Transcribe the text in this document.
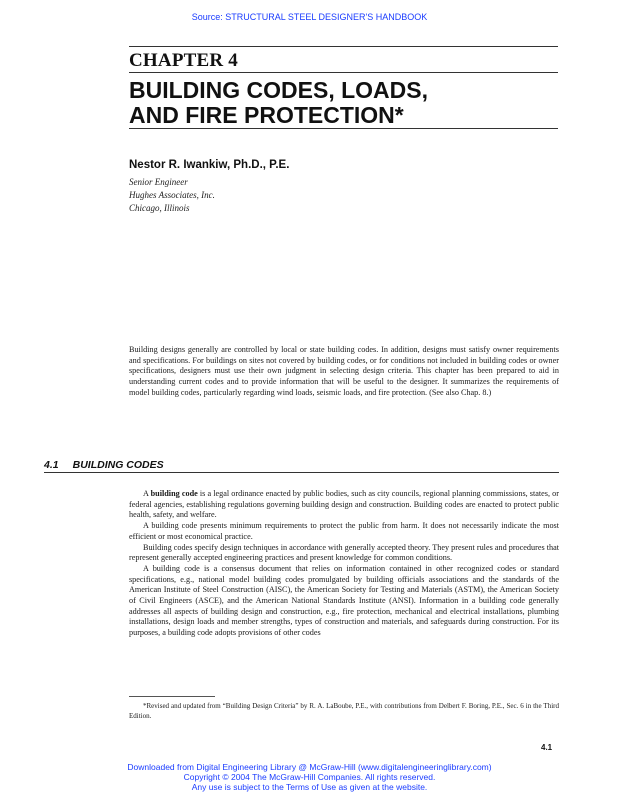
Source: STRUCTURAL STEEL DESIGNER'S HANDBOOK
CHAPTER 4
BUILDING CODES, LOADS,
AND FIRE PROTECTION*
Nestor R. Iwankiw, Ph.D., P.E.
Senior Engineer
Hughes Associates, Inc.
Chicago, Illinois

Building designs generally are controlled by local or state building codes. In addition, designs must satisfy owner requirements and specifications. For buildings on sites not covered by building codes, or for conditions not included in building codes or owner specifications, designers must use their own judgment in selecting design criteria. This chapter has been prepared to aid in understanding current codes and to provide information that will be useful to the designer. It summarizes the requirements of model building codes, particularly regarding wind loads, seismic loads, and fire protection. (See also Chap. 8.)

4.1 BUILDING CODES

A building code is a legal ordinance enacted by public bodies, such as city councils, regional planning commissions, states, or federal agencies, establishing regulations governing building design and construction. Building codes are enacted to protect public health, safety, and welfare.

A building code presents minimum requirements to protect the public from harm. It does not necessarily indicate the most efficient or most economical practice.

Building codes specify design techniques in accordance with generally accepted theory. They present rules and procedures that represent generally accepted engineering practices and present knowledge for common conditions.

A building code is a consensus document that relies on information contained in other recognized codes or standard specifications, e.g., national model building codes promulgated by building officials associations and the standards of the American Institute of Steel Construction (AISC), the American Society for Testing and Materials (ASTM), the American Society of Civil Engineers (ASCE), and the American National Standards Institute (ANSI). Information in a building code generally addresses all aspects of building design and construction, e.g., fire protection, mechanical and electrical installations, plumbing installations, design loads and member strengths, types of construction and materials, and safeguards during construction. For its purposes, a building code adopts provisions of other codes

*Revised and updated from “Building Design Criteria” by R. A. LaBoube, P.E., with contributions from Delbert F. Boring, P.E., Sec. 6 in the Third Edition.
4.1
Downloaded from Digital Engineering Library @ McGraw-Hill (www.digitalengineeringlibrary.com)
Copyright © 2004 The McGraw-Hill Companies. All rights reserved.
Any use is subject to the Terms of Use as given at the website.
